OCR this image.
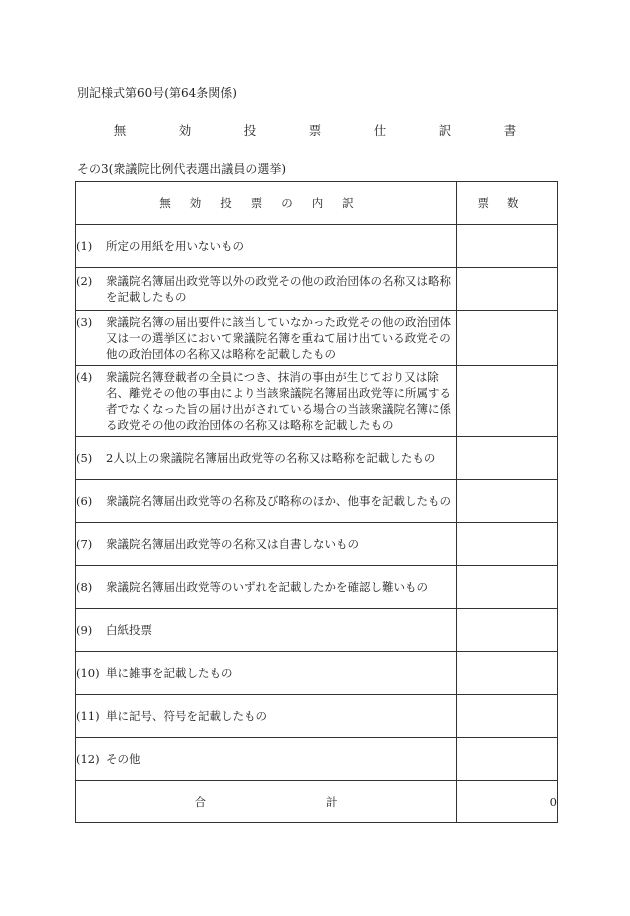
別記様式第60号(第64条関係)
無　効　投　票　仕　訳　書
その3(衆議院比例代表選出議員の選挙)
無効投票の内訳	票数

(1) 所定の用紙を用いないもの	

(2) 衆議院名簿届出政党等以外の政党その他の政治団体の名称又は略称を記載したもの	

(3) 衆議院名簿の届出要件に該当していなかった政党その他の政治団体又は一の選挙区において衆議院名簿を重ねて届け出ている政党その他の政治団体の名称又は略称を記載したもの	

(4) 衆議院名簿登載者の全員につき、抹消の事由が生じており又は除名、離党その他の事由により当該衆議院名簿届出政党等に所属する者でなくなった旨の届け出がされている場合の当該衆議院名簿に係る政党その他の政治団体の名称又は略称を記載したもの	

(5) 2人以上の衆議院名簿届出政党等の名称又は略称を記載したもの	

(6) 衆議院名簿届出政党等の名称及び略称のほか、他事を記載したもの	

(7) 衆議院名簿届出政党等の名称又は自書しないもの	

(8) 衆議院名簿届出政党等のいずれを記載したかを確認し難いもの	

(9) 白紙投票	

(10) 単に雑事を記載したもの	

(11) 単に記号、符号を記載したもの	

(12) その他	

合 計	0
